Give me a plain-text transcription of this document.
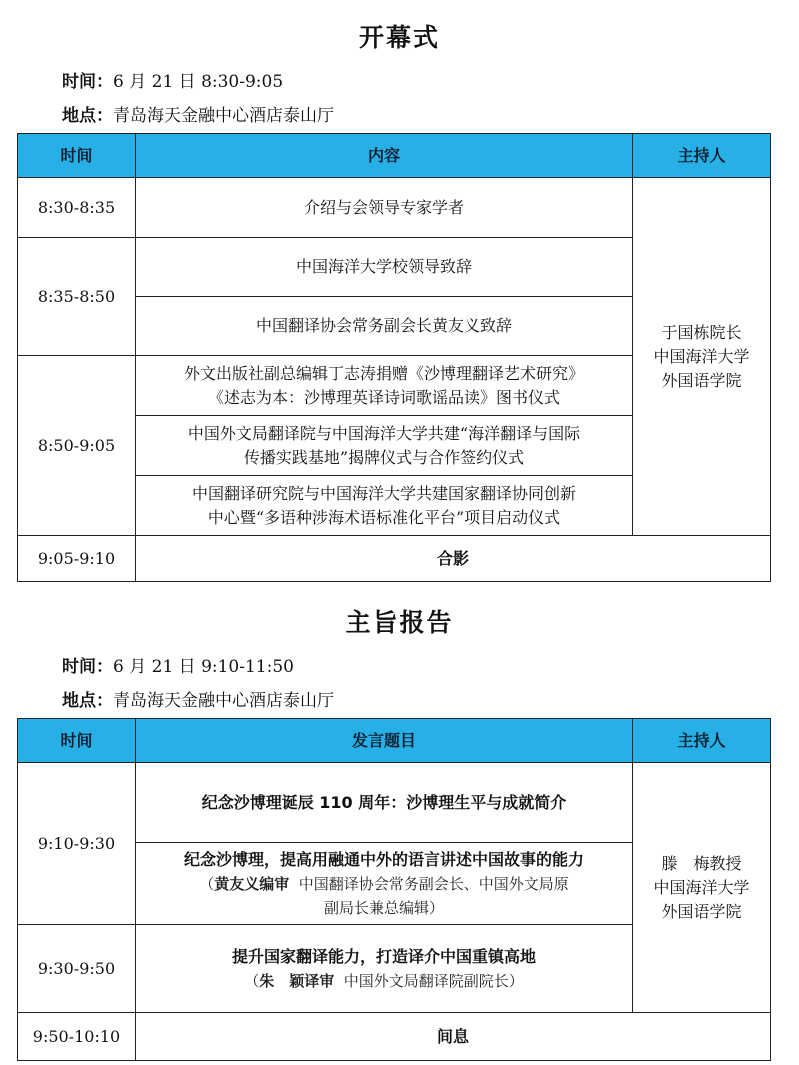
开幕式
时间：6 月 21 日 8:30-9:05
地点：青岛海天金融中心酒店泰山厅
时间	内容	主持人
8:30-8:35	介绍与会领导专家学者	于国栋院长
中国海洋大学
外国语学院

8:35-8:50	中国海洋大学校领导致辞	
	中国翻译协会常务副会长黄友义致辞	
8:50-9:05	外文出版社副总编辑丁志涛捐赠《沙博理翻译艺术研究》
《述志为本：沙博理英译诗词歌谣品读》图书仪式	

	中国外文局翻译院与中国海洋大学共建“海洋翻译与国际
传播实践基地”揭牌仪式与合作签约仪式	

	中国翻译研究院与中国海洋大学共建国家翻译协同创新
中心暨“多语种涉海术语标准化平台”项目启动仪式	

9:05-9:10	合影	
主旨报告
时间：6 月 21 日 9:10-11:50
地点：青岛海天金融中心酒店泰山厅
时间	发言题目	主持人
9:10-9:30	纪念沙博理诞辰 110 周年：沙博理生平与成就简介	滕　梅教授
中国海洋大学
外国语学院

	纪念沙博理，提高用融通中外的语言讲述中国故事的能力
（黄友义编审 中国翻译协会常务副会长、中国外文局原
副局长兼总编辑）	

9:30-9:50	提升国家翻译能力，打造译介中国重镇高地
（朱　颖译审 中国外文局翻译院副院长）	

9:50-10:10	间息	
